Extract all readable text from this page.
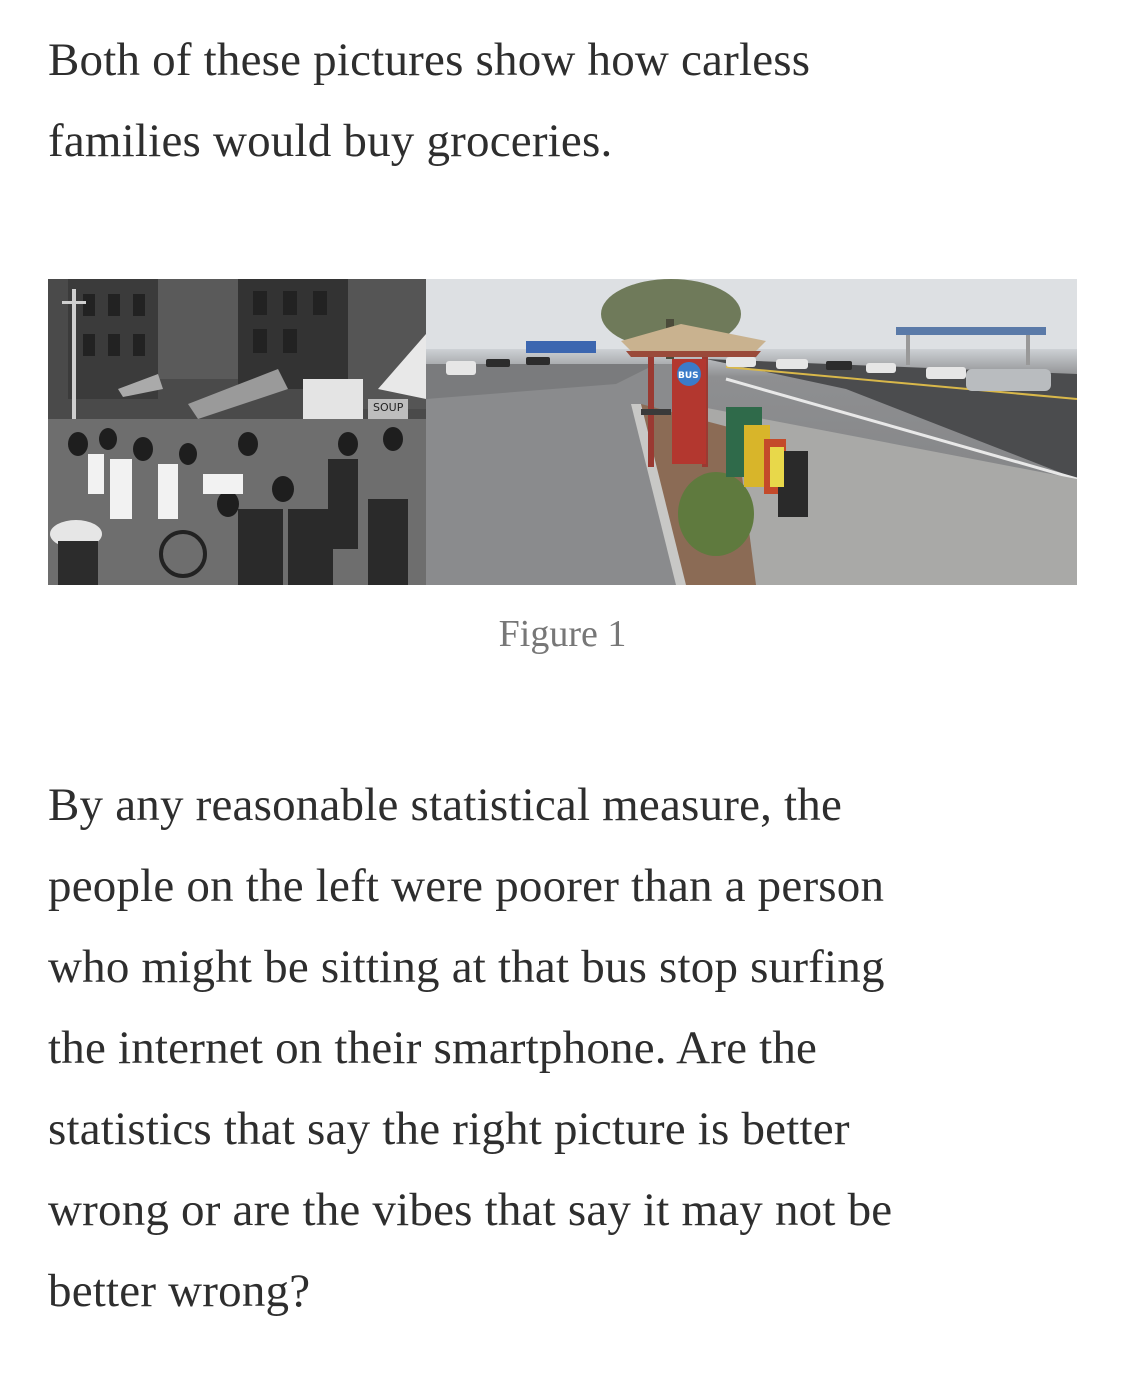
Both of these pictures show how carless
families would buy groceries.

SOUP
BUS
Figure 1

By any reasonable statistical measure, the
people on the left were poorer than a person
who might be sitting at that bus stop surfing
the internet on their smartphone. Are the
statistics that say the right picture is better
wrong or are the vibes that say it may not be
better wrong?
